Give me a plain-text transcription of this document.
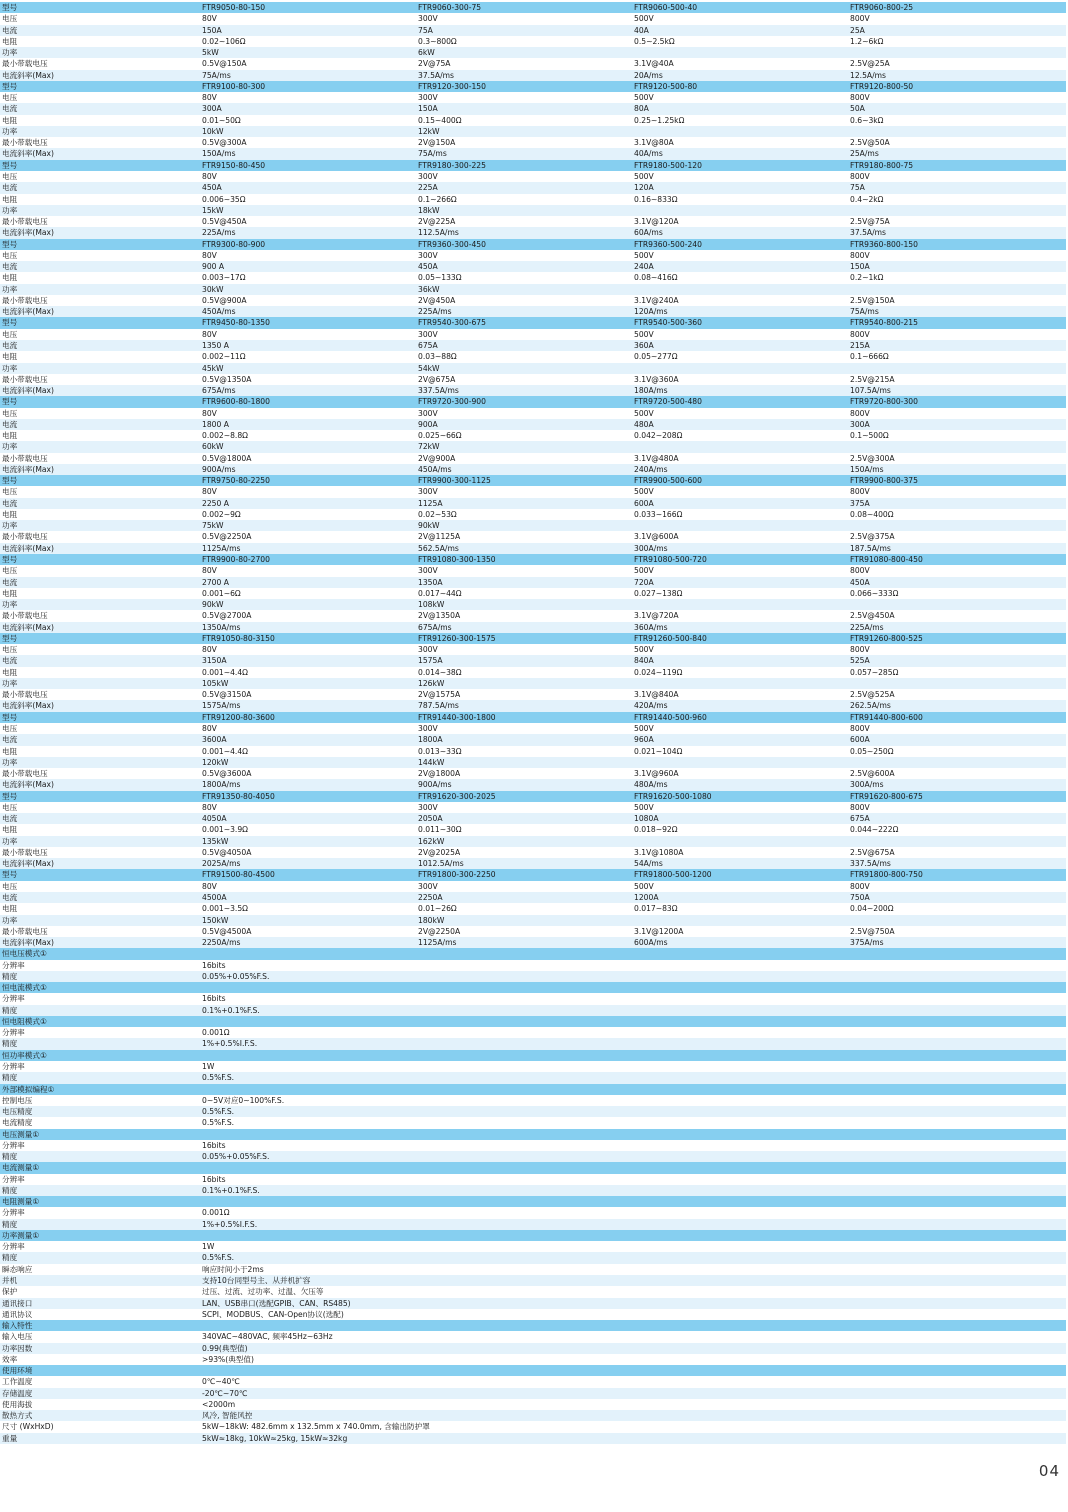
型号	FTR9050-80-150	FTR9060-300-75	FTR9060-500-40	FTR9060-800-25
电压	80V	300V	500V	800V
电流	150A	75A	40A	25A
电阻	0.02~106Ω	0.3~800Ω	0.5~2.5kΩ	1.2~6kΩ
功率	5kW	6kW
最小带载电压	0.5V@150A	2V@75A	3.1V@40A	2.5V@25A
电流斜率(Max)	75A/ms	37.5A/ms	20A/ms	12.5A/ms
型号	FTR9100-80-300	FTR9120-300-150	FTR9120-500-80	FTR9120-800-50
电压	80V	300V	500V	800V
电流	300A	150A	80A	50A
电阻	0.01~50Ω	0.15~400Ω	0.25~1.25kΩ	0.6~3kΩ
功率	10kW	12kW
最小带载电压	0.5V@300A	2V@150A	3.1V@80A	2.5V@50A
电流斜率(Max)	150A/ms	75A/ms	40A/ms	25A/ms
型号	FTR9150-80-450	FTR9180-300-225	FTR9180-500-120	FTR9180-800-75
电压	80V	300V	500V	800V
电流	450A	225A	120A	75A
电阻	0.006~35Ω	0.1~266Ω	0.16~833Ω	0.4~2kΩ
功率	15kW	18kW
最小带载电压	0.5V@450A	2V@225A	3.1V@120A	2.5V@75A
电流斜率(Max)	225A/ms	112.5A/ms	60A/ms	37.5A/ms
型号	FTR9300-80-900	FTR9360-300-450	FTR9360-500-240	FTR9360-800-150
电压	80V	300V	500V	800V
电流	900 A	450A	240A	150A
电阻	0.003~17Ω	0.05~133Ω	0.08~416Ω	0.2~1kΩ
功率	30kW	36kW
最小带载电压	0.5V@900A	2V@450A	3.1V@240A	2.5V@150A
电流斜率(Max)	450A/ms	225A/ms	120A/ms	75A/ms
型号	FTR9450-80-1350	FTR9540-300-675	FTR9540-500-360	FTR9540-800-215
电压	80V	300V	500V	800V
电流	1350 A	675A	360A	215A
电阻	0.002~11Ω	0.03~88Ω	0.05~277Ω	0.1~666Ω
功率	45kW	54kW
最小带载电压	0.5V@1350A	2V@675A	3.1V@360A	2.5V@215A
电流斜率(Max)	675A/ms	337.5A/ms	180A/ms	107.5A/ms
型号	FTR9600-80-1800	FTR9720-300-900	FTR9720-500-480	FTR9720-800-300
电压	80V	300V	500V	800V
电流	1800 A	900A	480A	300A
电阻	0.002~8.8Ω	0.025~66Ω	0.042~208Ω	0.1~500Ω
功率	60kW	72kW
最小带载电压	0.5V@1800A	2V@900A	3.1V@480A	2.5V@300A
电流斜率(Max)	900A/ms	450A/ms	240A/ms	150A/ms
型号	FTR9750-80-2250	FTR9900-300-1125	FTR9900-500-600	FTR9900-800-375
电压	80V	300V	500V	800V
电流	2250 A	1125A	600A	375A
电阻	0.002~9Ω	0.02~53Ω	0.033~166Ω	0.08~400Ω
功率	75kW	90kW
最小带载电压	0.5V@2250A	2V@1125A	3.1V@600A	2.5V@375A
电流斜率(Max)	1125A/ms	562.5A/ms	300A/ms	187.5A/ms
型号	FTR9900-80-2700	FTR91080-300-1350	FTR91080-500-720	FTR91080-800-450
电压	80V	300V	500V	800V
电流	2700 A	1350A	720A	450A
电阻	0.001~6Ω	0.017~44Ω	0.027~138Ω	0.066~333Ω
功率	90kW	108kW
最小带载电压	0.5V@2700A	2V@1350A	3.1V@720A	2.5V@450A
电流斜率(Max)	1350A/ms	675A/ms	360A/ms	225A/ms
型号	FTR91050-80-3150	FTR91260-300-1575	FTR91260-500-840	FTR91260-800-525
电压	80V	300V	500V	800V
电流	3150A	1575A	840A	525A
电阻	0.001~4.4Ω	0.014~38Ω	0.024~119Ω	0.057~285Ω
功率	105kW	126kW
最小带载电压	0.5V@3150A	2V@1575A	3.1V@840A	2.5V@525A
电流斜率(Max)	1575A/ms	787.5A/ms	420A/ms	262.5A/ms
型号	FTR91200-80-3600	FTR91440-300-1800	FTR91440-500-960	FTR91440-800-600
电压	80V	300V	500V	800V
电流	3600A	1800A	960A	600A
电阻	0.001~4.4Ω	0.013~33Ω	0.021~104Ω	0.05~250Ω
功率	120kW	144kW
最小带载电压	0.5V@3600A	2V@1800A	3.1V@960A	2.5V@600A
电流斜率(Max)	1800A/ms	900A/ms	480A/ms	300A/ms
型号	FTR91350-80-4050	FTR91620-300-2025	FTR91620-500-1080	FTR91620-800-675
电压	80V	300V	500V	800V
电流	4050A	2050A	1080A	675A
电阻	0.001~3.9Ω	0.011~30Ω	0.018~92Ω	0.044~222Ω
功率	135kW	162kW
最小带载电压	0.5V@4050A	2V@2025A	3.1V@1080A	2.5V@675A
电流斜率(Max)	2025A/ms	1012.5A/ms	54A/ms	337.5A/ms
型号	FTR91500-80-4500	FTR91800-300-2250	FTR91800-500-1200	FTR91800-800-750
电压	80V	300V	500V	800V
电流	4500A	2250A	1200A	750A
电阻	0.001~3.5Ω	0.01~26Ω	0.017~83Ω	0.04~200Ω
功率	150kW	180kW
最小带载电压	0.5V@4500A	2V@2250A	3.1V@1200A	2.5V@750A
电流斜率(Max)	2250A/ms	1125A/ms	600A/ms	375A/ms
恒电压模式①
分辨率	16bits
精度	0.05%+0.05%F.S.
恒电流模式①
分辨率	16bits
精度	0.1%+0.1%F.S.
恒电阻模式①
分辨率	0.001Ω
精度	1%+0.5%I.F.S.
恒功率模式①
分辨率	1W
精度	0.5%F.S.
外部模拟编程①
控制电压	0~5V对应0~100%F.S.
电压精度	0.5%F.S.
电流精度	0.5%F.S.
电压测量①
分辨率	16bits
精度	0.05%+0.05%F.S.
电流测量①
分辨率	16bits
精度	0.1%+0.1%F.S.
电阻测量①
分辨率	0.001Ω
精度	1%+0.5%I.F.S.
功率测量①
分辨率	1W
精度	0.5%F.S.
瞬态响应	响应时间小于2ms
并机	支持10台同型号主、从并机扩容
保护	过压、过流、过功率、过温、欠压等
通讯接口	LAN、USB串口(选配GPIB、CAN、RS485)
通讯协议	SCPI、MODBUS、CAN-Open协议(选配)
输入特性
输入电压	340VAC~480VAC, 频率45Hz~63Hz
功率因数	0.99(典型值)
效率	>93%(典型值)
使用环境
工作温度	0℃~40℃
存储温度	-20℃~70℃
使用海拔	<2000m
散热方式	风冷, 智能风控
尺寸 (WxHxD)	5kW~18kW: 482.6mm x 132.5mm x 740.0mm, 含输出防护罩
重量	5kW≈18kg, 10kW≈25kg, 15kW≈32kg
04
